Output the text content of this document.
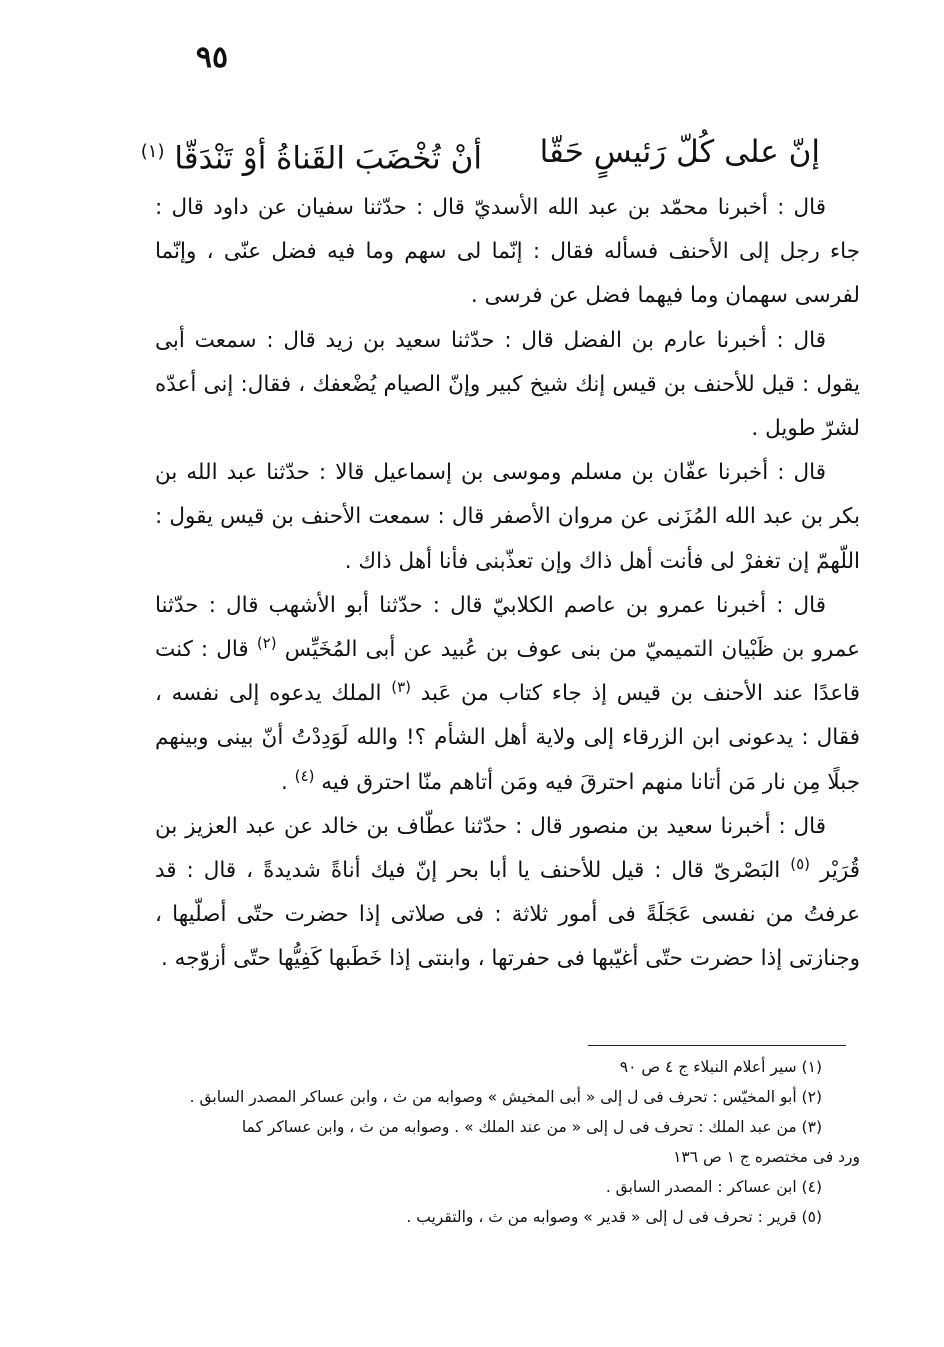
٩٥
إنّ على كُلّ رَئيسٍ حَقّا
أنْ تُخْضَبَ القَناةُ أوْ تَنْدَقّا $^{(١)}$

قال : أخبرنا محمّد بن عبد الله الأسديّ قال : حدّثنا سفيان عن داود قال : جاء رجل إلى الأحنف فسأله فقال : إنّما لى سهم وما فيه فضل عنّى ، وإنّما لفرسى سهمان وما فيهما فضل عن فرسى .

قال : أخبرنا عارم بن الفضل قال : حدّثنا سعيد بن زيد قال : سمعت أبى يقول : قيل للأحنف بن قيس إنك شيخ كبير وإنّ الصيام يُضْعفك ، فقال: إنى أعدّه لشرّ طويل .

قال : أخبرنا عفّان بن مسلم وموسى بن إسماعيل قالا : حدّثنا عبد الله بن بكر بن عبد الله المُزَنى عن مروان الأصفر قال : سمعت الأحنف بن قيس يقول : اللّهمّ إن تغفرْ لى فأنت أهل ذاك وإن تعذّبنى فأنا أهل ذاك .

قال : أخبرنا عمرو بن عاصم الكلابيّ قال : حدّثنا أبو الأشهب قال : حدّثنا عمرو بن ظَبْيان التميميّ من بنى عوف بن عُبيد عن أبى المُخَيِّس $^{(٢)}$ قال : كنت قاعدًا عند الأحنف بن قيس إذ جاء كتاب من عَبد $^{(٣)}$ الملك يدعوه إلى نفسه ، فقال : يدعونى ابن الزرقاء إلى ولاية أهل الشأم ؟! والله لَوَدِدْتُ أنّ بينى وبينهم جبلًا مِن نار مَن أتانا منهم احترقَ فيه ومَن أتاهم منّا احترق فيه $^{(٤)}$ .

قال : أخبرنا سعيد بن منصور قال : حدّثنا عطّاف بن خالد عن عبد العزيز بن قُرَيْر $^{(٥)}$ البَصْرىّ قال : قيل للأحنف يا أبا بحر إنّ فيك أناةً شديدةً ، قال : قد عرفتُ من نفسى عَجَلَةً فى أمور ثلاثة : فى صلاتى إذا حضرت حتّى أصلّيها ، وجنازتى إذا حضرت حتّى أغيّبها فى حفرتها ، وابنتى إذا خَطَبها كَفِيُّها حتّى أزوّجه .

(١) سير أعلام النبلاء ج ٤ ص ٩٠

(٢) أبو المخيّس : تحرف فى ل إلى « أبى المخيش » وصوابه من ث ، وابن عساكر المصدر السابق .

(٣) من عبد الملك : تحرف فى ل إلى « من عند الملك » . وصوابه من ث ، وابن عساكر كما

ورد فى مختصره ج ١ ص ١٣٦

(٤) ابن عساكر : المصدر السابق .

(٥) قرير : تحرف فى ل إلى « قدير » وصوابه من ث ، والتقريب .
